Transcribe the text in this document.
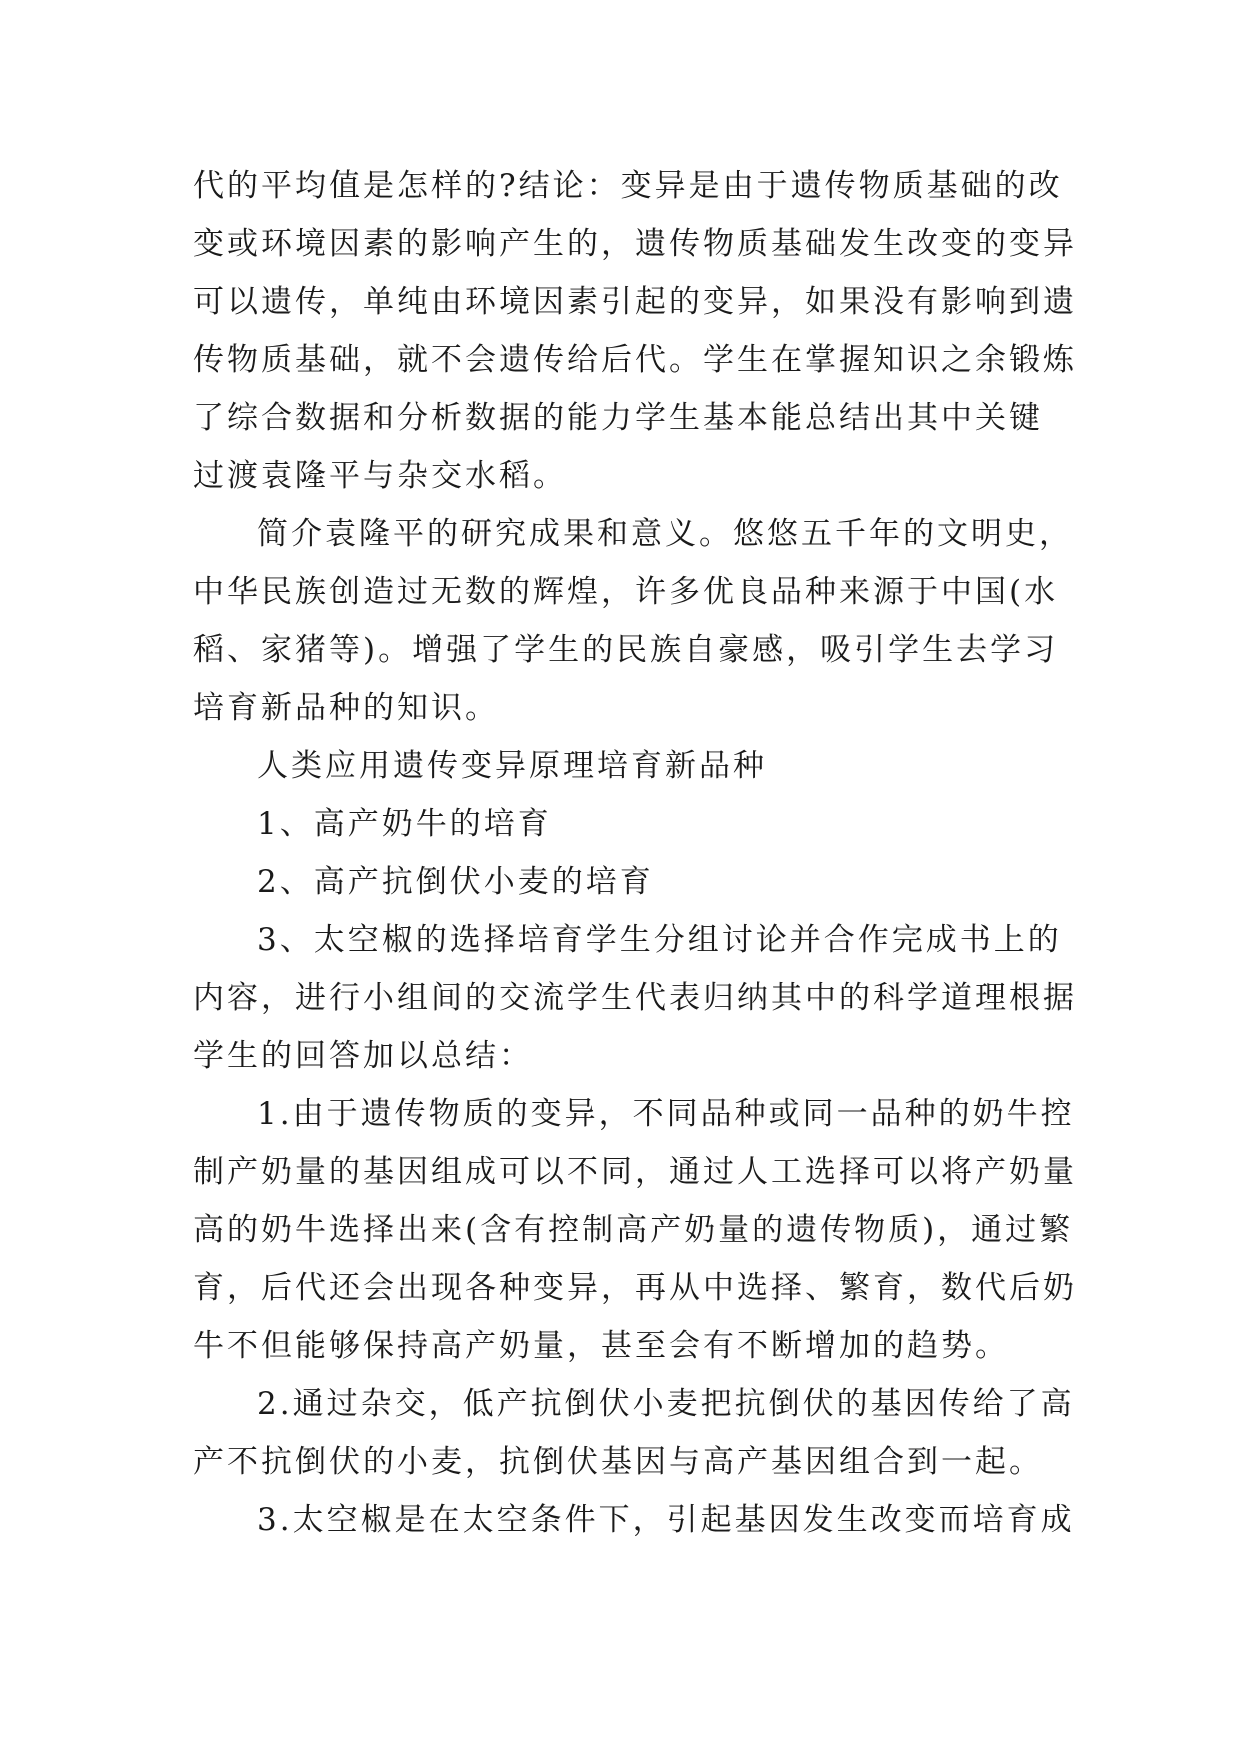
代的平均值是怎样的?结论：变异是由于遗传物质基础的改
变或环境因素的影响产生的，遗传物质基础发生改变的变异
可以遗传，单纯由环境因素引起的变异，如果没有影响到遗
传物质基础，就不会遗传给后代。学生在掌握知识之余锻炼
了综合数据和分析数据的能力学生基本能总结出其中关键
过渡袁隆平与杂交水稻。
简介袁隆平的研究成果和意义。悠悠五千年的文明史，
中华民族创造过无数的辉煌，许多优良品种来源于中国(水
稻、家猪等)。增强了学生的民族自豪感，吸引学生去学习
培育新品种的知识。
人类应用遗传变异原理培育新品种
1、高产奶牛的培育
2、高产抗倒伏小麦的培育
3、太空椒的选择培育学生分组讨论并合作完成书上的
内容，进行小组间的交流学生代表归纳其中的科学道理根据
学生的回答加以总结：
1.由于遗传物质的变异，不同品种或同一品种的奶牛控
制产奶量的基因组成可以不同，通过人工选择可以将产奶量
高的奶牛选择出来(含有控制高产奶量的遗传物质)，通过繁
育，后代还会出现各种变异，再从中选择、繁育，数代后奶
牛不但能够保持高产奶量，甚至会有不断增加的趋势。
2.通过杂交，低产抗倒伏小麦把抗倒伏的基因传给了高
产不抗倒伏的小麦，抗倒伏基因与高产基因组合到一起。
3.太空椒是在太空条件下，引起基因发生改变而培育成
